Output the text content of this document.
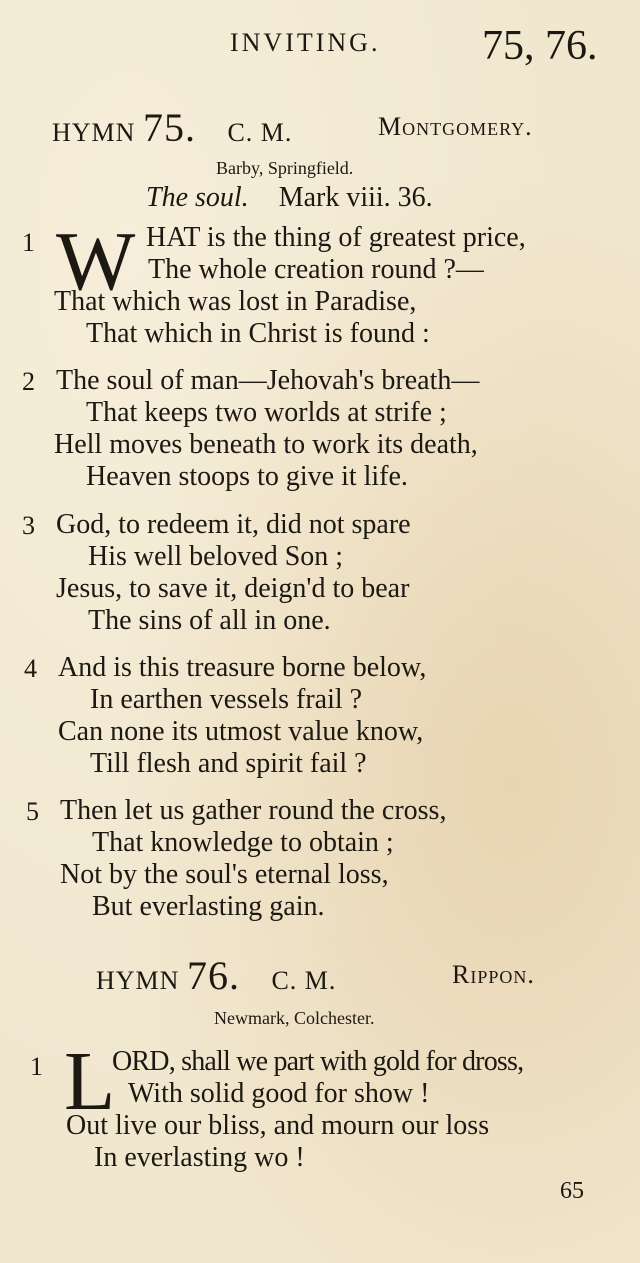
INVITING. 75, 76.
HYMN 75. C. M.	Montgomery.
Barby, Springfield.
The soul. Mark viii. 36.
1 W HAT is the thing of greatest price,
The whole creation round ?—
That which was lost in Paradise,
That which in Christ is found :
2 The soul of man—Jehovah's breath—
That keeps two worlds at strife ;
Hell moves beneath to work its death,
Heaven stoops to give it life.
3 God, to redeem it, did not spare
His well beloved Son ;
Jesus, to save it, deign'd to bear
The sins of all in one.
4 And is this treasure borne below,
In earthen vessels frail ?
Can none its utmost value know,
Till flesh and spirit fail ?
5 Then let us gather round the cross,
That knowledge to obtain ;
Not by the soul's eternal loss,
But everlasting gain.
HYMN 76. C. M.	Rippon.
Newmark, Colchester.
1 L
ORD, shall we part with gold for dross,
With solid good for show !
Out live our bliss, and mourn our loss
In everlasting wo !
65
